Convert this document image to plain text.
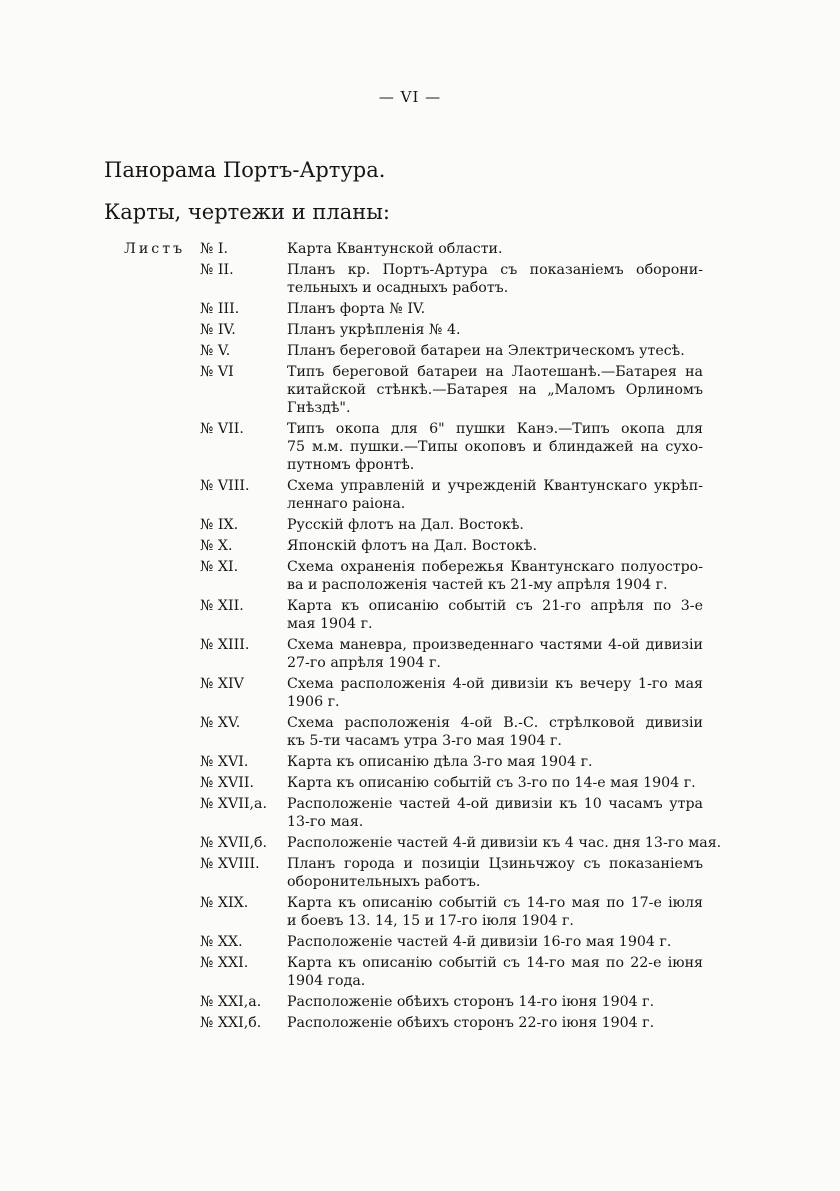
— VI —
Панорама Портъ-Артура.
Карты, чертежи и планы:
Листъ № I.	Карта Квантунской области.
№ II.	Планъ кр. Портъ-Артура съ показаніемъ оборони-
тельныхъ и осадныхъ работъ.
№ III.	Планъ форта № IV.
№ IV.	Планъ укрѣпленія № 4.
№ V.	Планъ береговой батареи на Электрическомъ утесѣ.
№ VI	Типъ береговой батареи на Лаотешанѣ.—Батарея на
китайской стѣнкѣ.—Батарея на „Маломъ Орлиномъ
Гнѣздѣ".
№ VII.	Типъ окопа для 6" пушки Канэ.—Типъ окопа для
75 м.м. пушки.—Типы окоповъ и блиндажей на сухо-
путномъ фронтѣ.
№ VIII.	Схема управленій и учрежденій Квантунскаго укрѣп-
леннаго раіона.
№ IX.	Русскій флотъ на Дал. Востокѣ.
№ X.	Японскій флотъ на Дал. Востокѣ.
№ XI.	Схема охраненія побережья Квантунскаго полуостро-
ва и расположенія частей къ 21-му апрѣля 1904 г.
№ XII.	Карта къ описанію событій съ 21-го апрѣля по 3-е
мая 1904 г.
№ XIII.	Схема маневра, произведеннаго частями 4-ой дивизіи
27-го апрѣля 1904 г.
№ XIV	Схема расположенія 4-ой дивизіи къ вечеру 1-го мая
1906 г.
№ XV.	Схема расположенія 4-ой В.-С. стрѣлковой дивизіи
къ 5-ти часамъ утра 3-го мая 1904 г.
№ XVI.	Карта къ описанію дѣла 3-го мая 1904 г.
№ XVII. Карта къ описанію событій съ 3-го по 14-е мая 1904 г.
№ XVII,а. Расположеніе частей 4-ой дивизіи къ 10 часамъ утра
13-го мая.
№ XVII,б. Расположеніе частей 4-й дивизіи къ 4 час. дня 13-го мая.
№ XVIII. Планъ города и позиціи Цзиньчжоу съ показаніемъ
оборонительныхъ работъ.
№ XIX.	Карта къ описанію событій съ 14-го мая по 17-е іюля
и боевъ 13. 14, 15 и 17-го іюля 1904 г.
№ XX.	Расположеніе частей 4-й дивизіи 16-го мая 1904 г.
№ XXI.	Карта къ описанію событій съ 14-го мая по 22-е іюня
1904 года.
№ XXI,а. Расположеніе обѣихъ сторонъ 14-го іюня 1904 г.
№ XXI,б. Расположеніе обѣихъ сторонъ 22-го іюня 1904 г.
